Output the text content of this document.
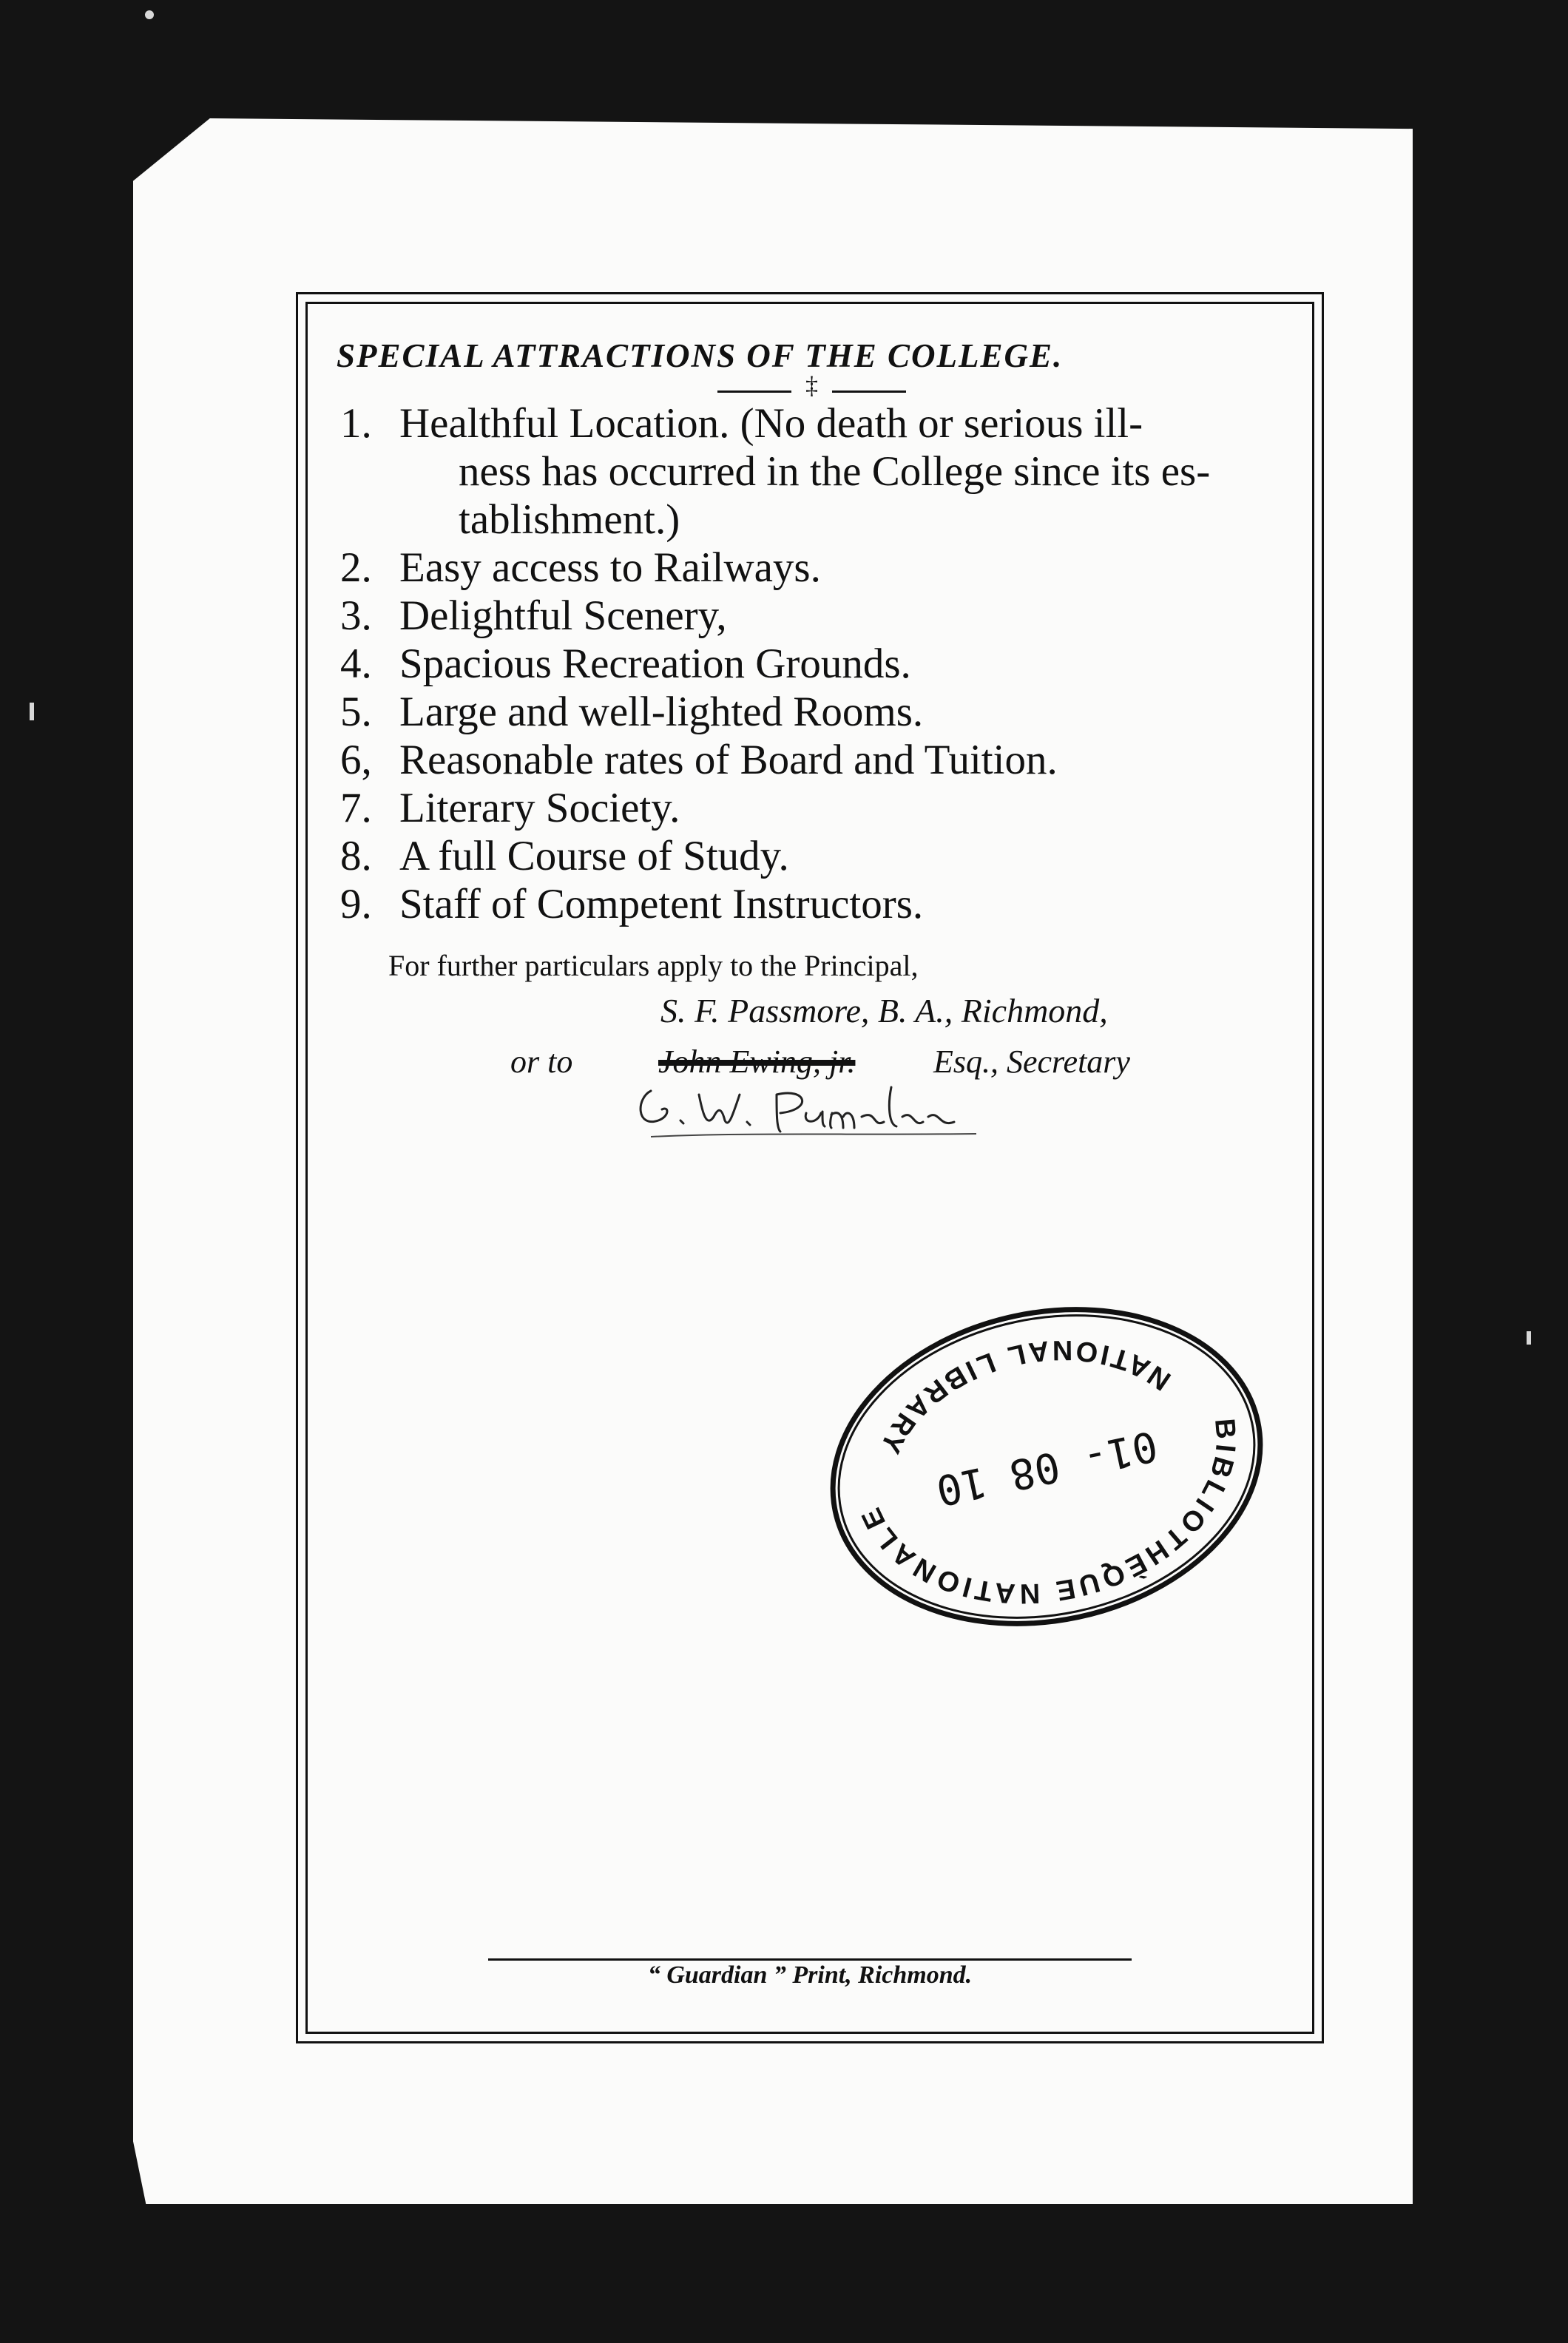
SPECIAL ATTRACTIONS OF THE COLLEGE.
‡
1. Healthful Location. (No death or serious ill-
ness has occurred in the College since its es-
tablishment.)
2. Easy access to Railways.
3. Delightful Scenery,
4. Spacious Recreation Grounds.
5. Large and well-lighted Rooms.
6, Reasonable rates of Board and Tuition.
7. Literary Society.
8. A full Course of Study.
9. Staff of Competent Instructors.
For further particulars apply to the Principal,
S. F. Passmore, B. A., Richmond,
or to	John Ewing, jr. Esq., Secretary
BIBLIOTHÈQUE NATIONALE
NATIONAL LIBRARY 01- 08 10
“ Guardian ” Print, Richmond.
